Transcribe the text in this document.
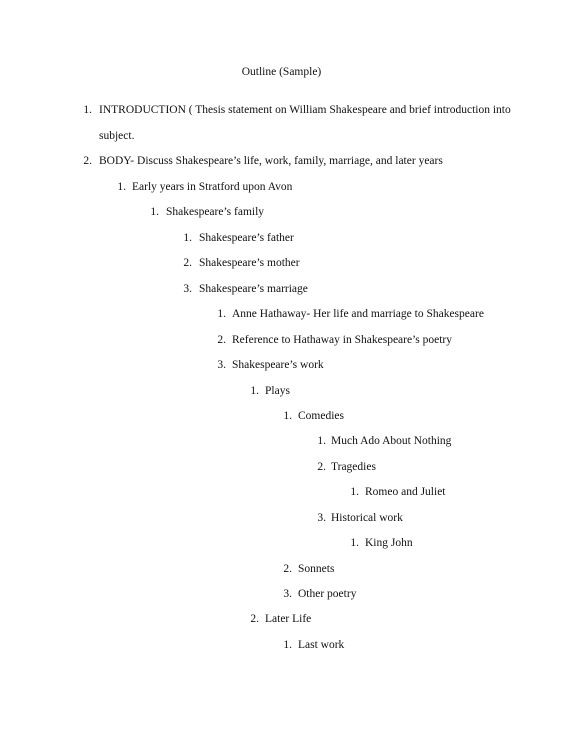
Outline (Sample)
1. INTRODUCTION ( Thesis statement on William Shakespeare and brief introduction into
subject.
2. BODY- Discuss Shakespeare’s life, work, family, marriage, and later years
1. Early years in Stratford upon Avon
1. Shakespeare’s family
1. Shakespeare’s father
2. Shakespeare’s mother
3. Shakespeare’s marriage
1. Anne Hathaway- Her life and marriage to Shakespeare
2. Reference to Hathaway in Shakespeare’s poetry
3. Shakespeare’s work
1. Plays
1. Comedies
1. Much Ado About Nothing
2. Tragedies
1. Romeo and Juliet
3. Historical work
1. King John
2. Sonnets
3. Other poetry
2. Later Life
1. Last work
